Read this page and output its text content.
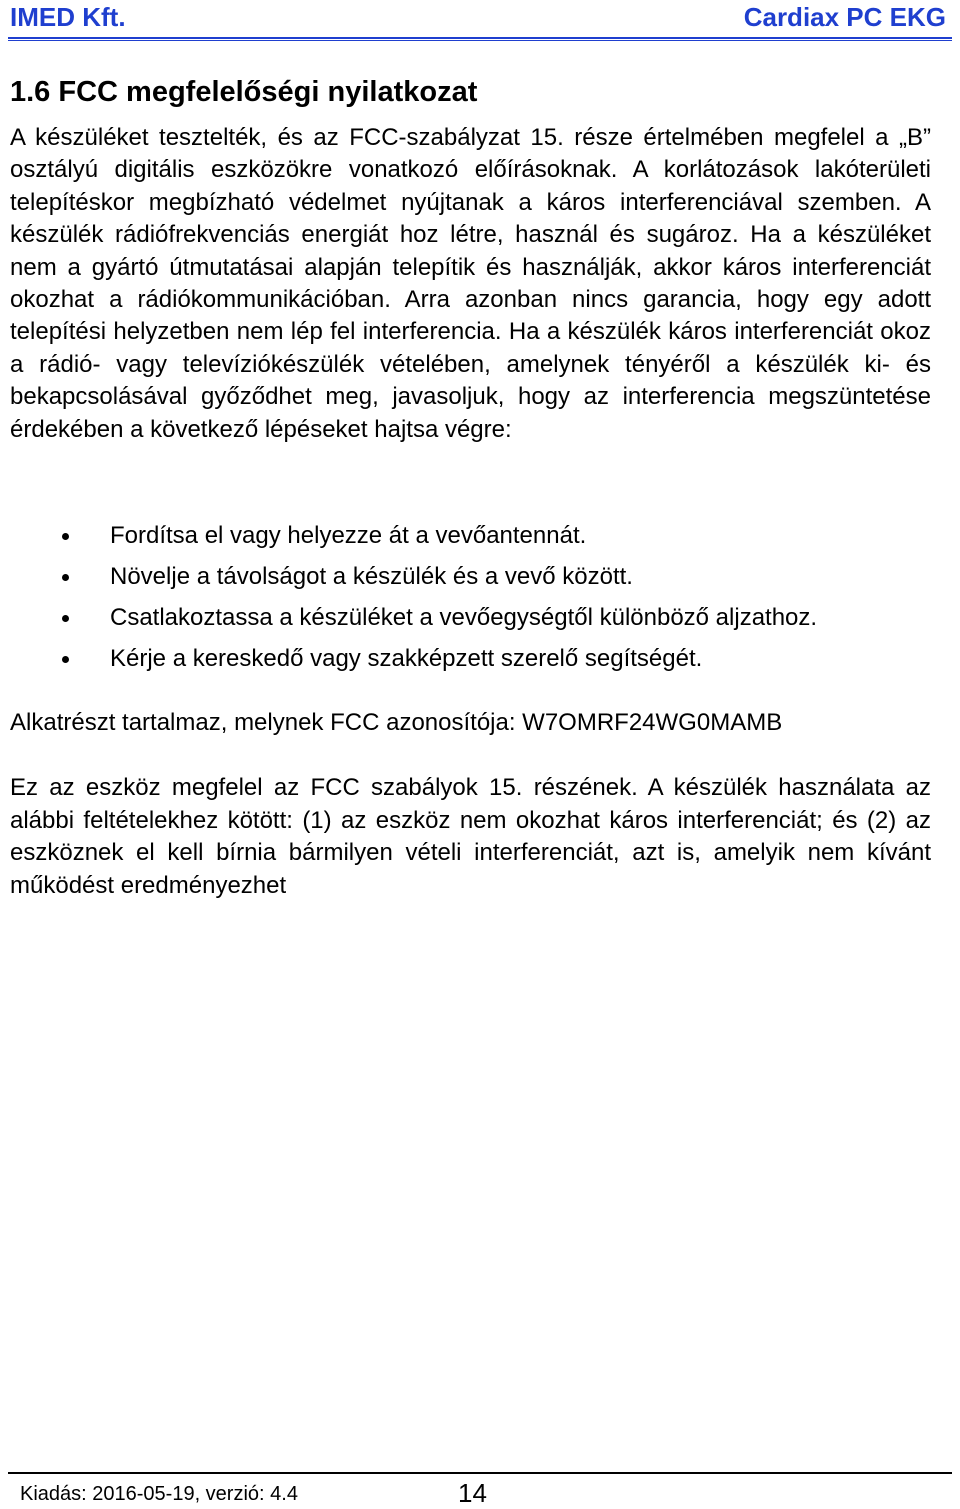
IMED Kft.	Cardiax PC EKG
1.6 FCC megfelelőségi nyilatkozat

A készüléket tesztelték, és az FCC-szabályzat 15. része értelmében megfelel a „B” osztályú digitális eszközökre vonatkozó előírásoknak. A korlátozások lakóterületi telepítéskor megbízható védelmet nyújtanak a káros interferenciával szemben. A készülék rádiófrekvenciás energiát hoz létre, használ és sugároz. Ha a készüléket nem a gyártó útmutatásai alapján telepítik és használják, akkor káros interferenciát okozhat a rádiókommunikációban. Arra azonban nincs garancia, hogy egy adott telepítési helyzetben nem lép fel interferencia. Ha a készülék káros interferenciát okoz a rádió- vagy televíziókészülék vételében, amelynek tényéről a készülék ki- és bekapcsolásával győződhet meg, javasoljuk, hogy az interferencia megszüntetése érdekében a következő lépéseket hajtsa végre:

Fordítsa el vagy helyezze át a vevőantennát.
Növelje a távolságot a készülék és a vevő között.
Csatlakoztassa a készüléket a vevőegységtől különböző aljzathoz.
Kérje a kereskedő vagy szakképzett szerelő segítségét.

Alkatrészt tartalmaz, melynek FCC azonosítója: W7OMRF24WG0MAMB

Ez az eszköz megfelel az FCC szabályok 15. részének. A készülék használata az alábbi feltételekhez kötött: (1) az eszköz nem okozhat káros interferenciát; és (2) az eszköznek el kell bírnia bármilyen vételi interferenciát, azt is, amelyik nem kívánt működést eredményezhet

Kiadás: 2016-05-19, verzió: 4.4	14
